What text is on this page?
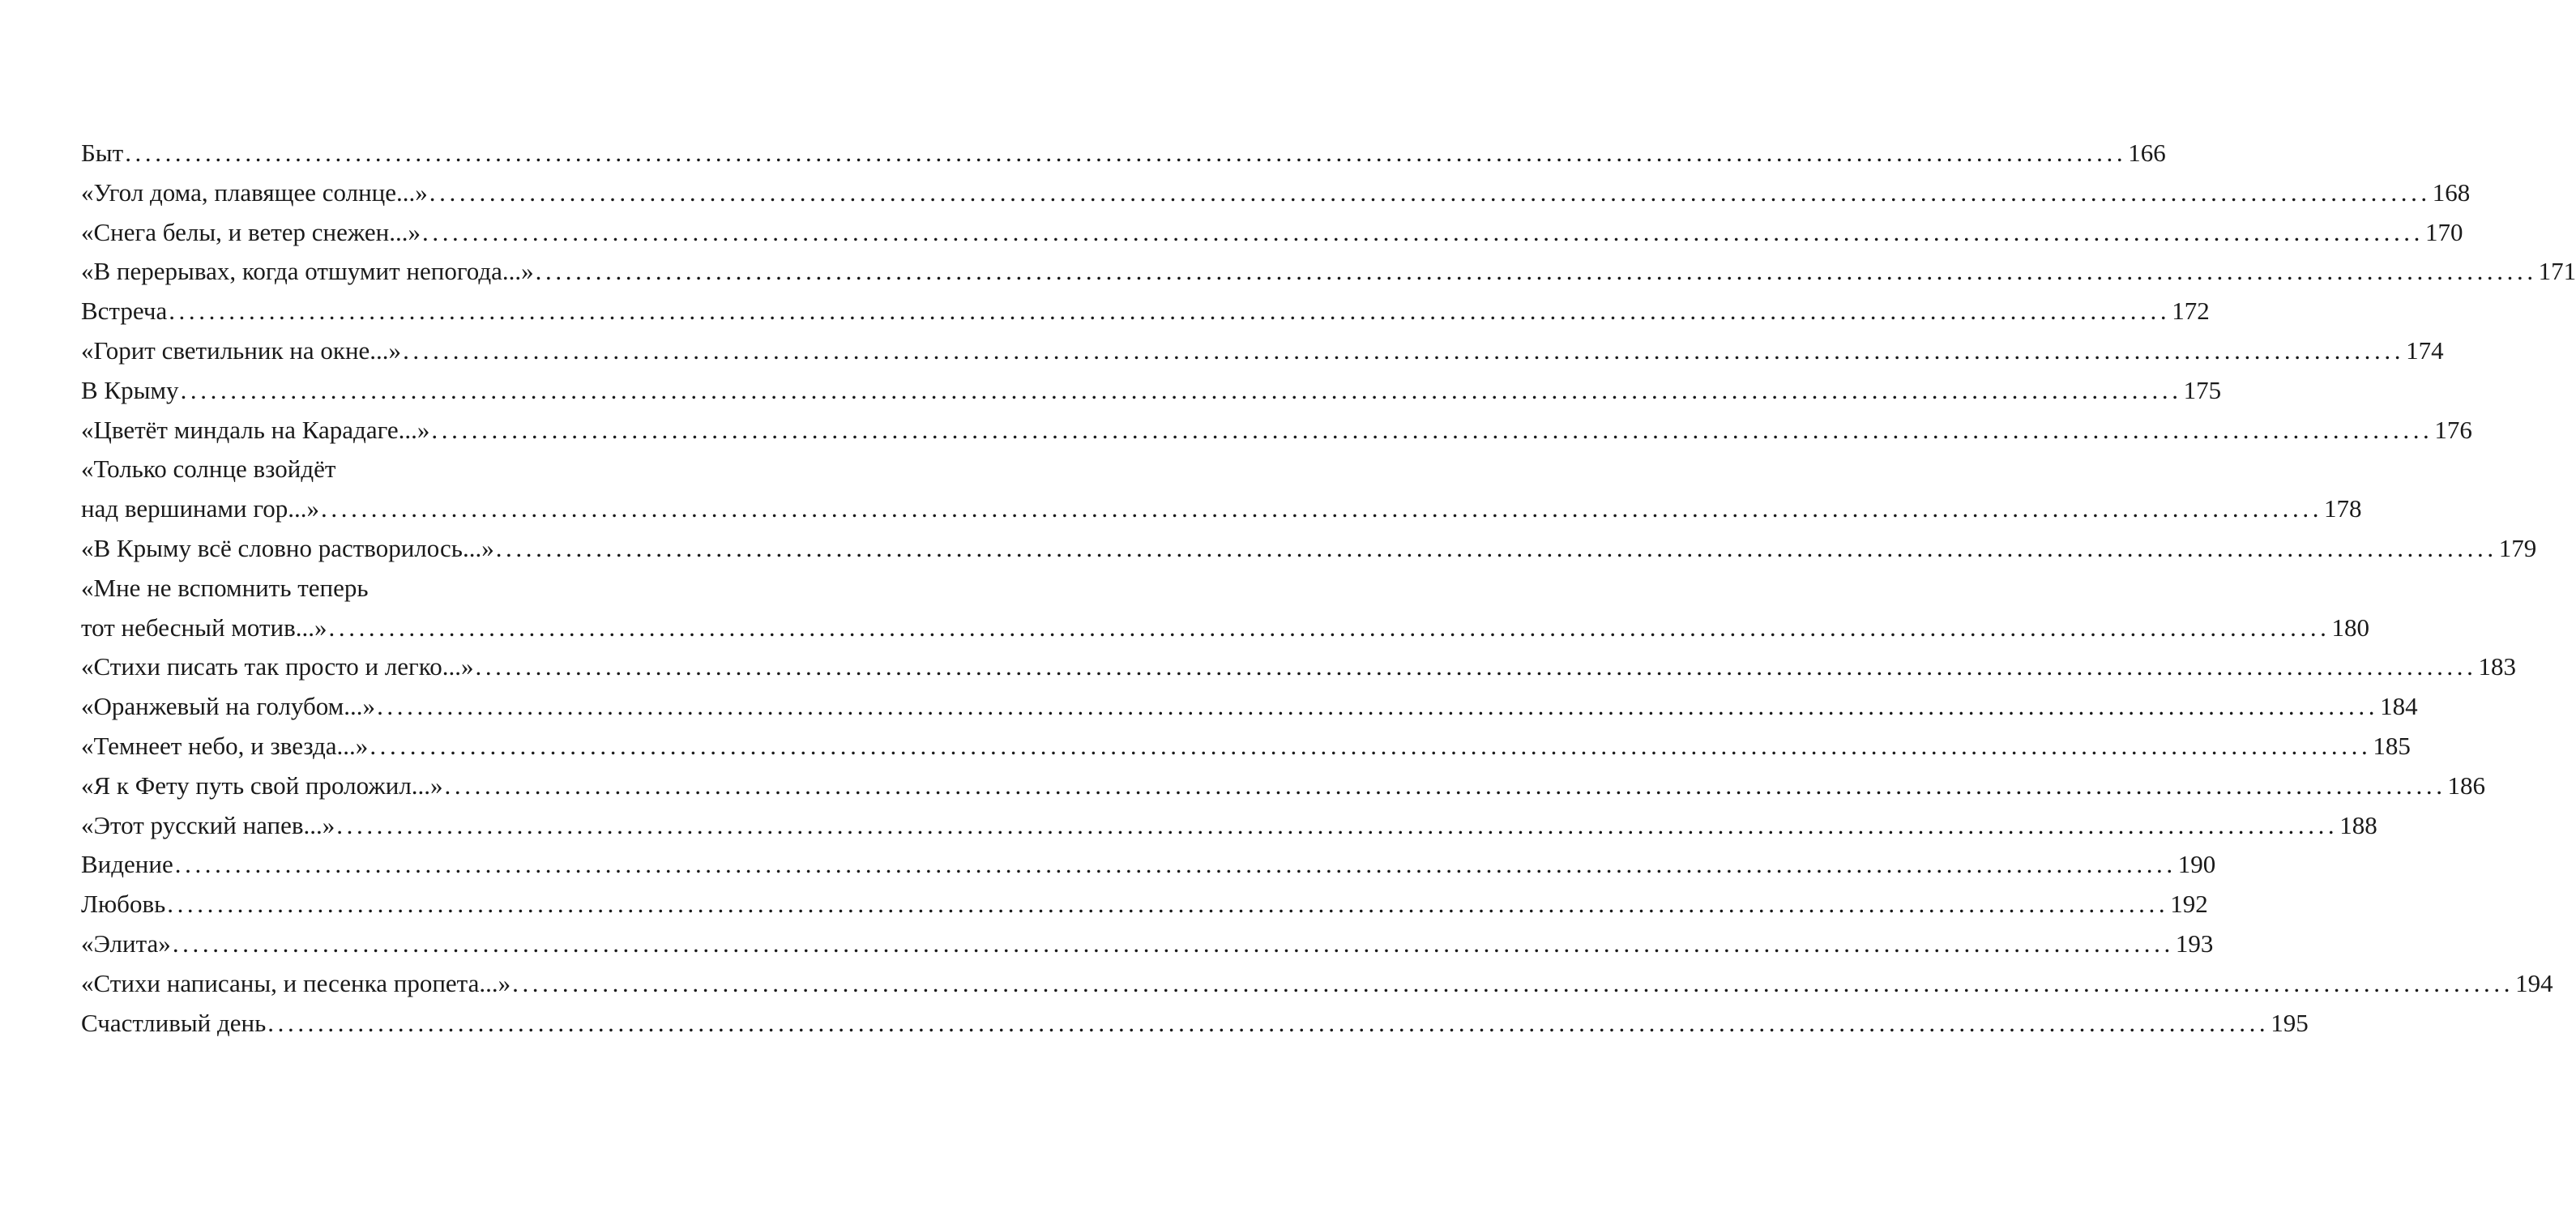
Быт ........................................................................................................................................................................................................ 166
«Угол дома, плавящее солнце...» ........................................................................................................................................................................................................ 168
«Снега белы, и ветер снежен...» ........................................................................................................................................................................................................ 170
«В перерывах, когда отшумит непогода...» ........................................................................................................................................................................................................ 171
Встреча ........................................................................................................................................................................................................ 172
«Горит светильник на окне...» ........................................................................................................................................................................................................ 174
В Крыму ........................................................................................................................................................................................................ 175
«Цветёт миндаль на Карадаге...» ........................................................................................................................................................................................................ 176
«Только солнце взойдёт
над вершинами гор...» ........................................................................................................................................................................................................ 178
«В Крыму всё словно растворилось...» ........................................................................................................................................................................................................ 179
«Мне не вспомнить теперь
тот небесный мотив...» ........................................................................................................................................................................................................ 180
«Стихи писать так просто и легко...» ........................................................................................................................................................................................................ 183
«Оранжевый на голубом...» ........................................................................................................................................................................................................ 184
«Темнеет небо, и звезда...» ........................................................................................................................................................................................................ 185
«Я к Фету путь свой проложил...» ........................................................................................................................................................................................................ 186
«Этот русский напев...» ........................................................................................................................................................................................................ 188
Видение ........................................................................................................................................................................................................ 190
Любовь ........................................................................................................................................................................................................ 192
«Элита» ........................................................................................................................................................................................................ 193
«Стихи написаны, и песенка пропета...» ........................................................................................................................................................................................................ 194
Счастливый день ........................................................................................................................................................................................................ 195
